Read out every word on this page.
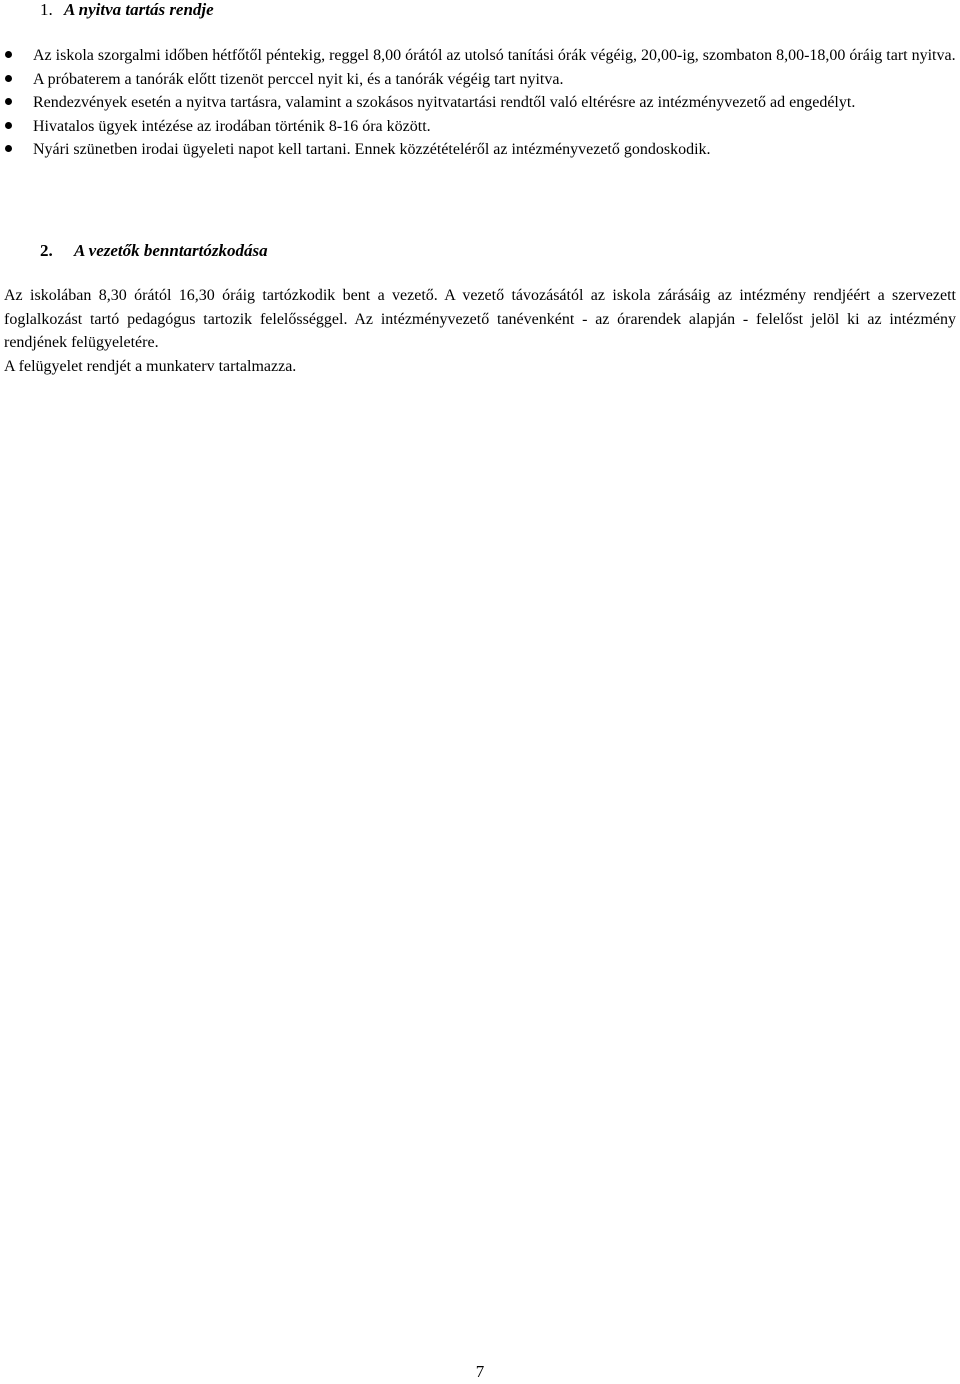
1. A nyitva tartás rendje
Az iskola szorgalmi időben hétfőtől péntekig, reggel 8,00 órától az utolsó tanítási órák végéig, 20,00-ig, szombaton 8,00-18,00 óráig tart nyitva.
A próbaterem a tanórák előtt tizenöt perccel nyit ki, és a tanórák végéig tart nyitva.
Rendezvények esetén a nyitva tartásra, valamint a szokásos nyitvatartási rendtől való eltérésre az intézményvezető ad engedélyt.
Hivatalos ügyek intézése az irodában történik 8-16 óra között.
Nyári szünetben irodai ügyeleti napot kell tartani. Ennek közzétételéről az intézményvezető gondoskodik.
2. A vezetők benntartózkodása

Az iskolában 8,30 órától 16,30 óráig tartózkodik bent a vezető. A vezető távozásától az iskola zárásáig az intézmény rendjéért a szervezett foglalkozást tartó pedagógus tartozik felelősséggel. Az intézményvezető tanévenként - az órarendek alapján - felelőst jelöl ki az intézmény rendjének felügyeletére.

A felügyelet rendjét a munkaterv tartalmazza.

7
